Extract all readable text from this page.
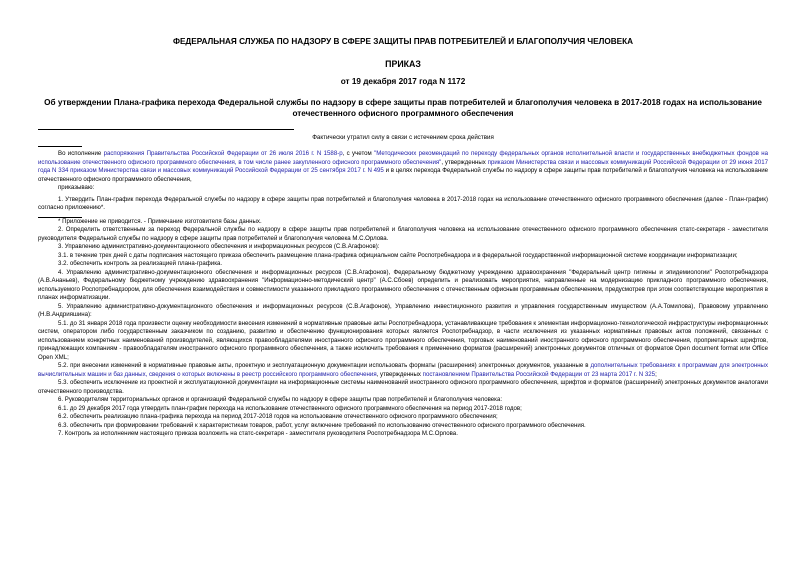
ФЕДЕРАЛЬНАЯ СЛУЖБА ПО НАДЗОРУ В СФЕРЕ ЗАЩИТЫ ПРАВ ПОТРЕБИТЕЛЕЙ И БЛАГОПОЛУЧИЯ ЧЕЛОВЕКА
ПРИКАЗ
от 19 декабря 2017 года N 1172
Об утверждении Плана-графика перехода Федеральной службы по надзору в сфере защиты прав потребителей и благополучия человека в 2017-2018 годах на использование отечественного офисного программного обеспечения
Фактически утратил силу в связи с истечением срока действия

Во исполнение распоряжения Правительства Российской Федерации от 26 июля 2016 г. N 1588-р, с учетом "Методических рекомендаций по переходу федеральных органов исполнительной власти и государственных внебюджетных фондов на использование отечественного офисного программного обеспечения, в том числе ранее закупленного офисного программного обеспечения", утвержденных приказом Министерства связи и массовых коммуникаций Российской Федерации от 29 июня 2017 года N 334 приказом Министерства связи и массовых коммуникаций Российской Федерации от 25 сентября 2017 г. N 495 и в целях перехода Федеральной службы по надзору в сфере защиты прав потребителей и благополучия человека на использование отечественного офисного программного обеспечения,

приказываю:

1. Утвердить План-график перехода Федеральной службы по надзору в сфере защиты прав потребителей и благополучия человека в 2017-2018 годах на использование отечественного офисного программного обеспечения (далее - План-график) согласно приложению*.

* Приложение не приводится. - Примечание изготовителя базы данных.

2. Определить ответственным за переход Федеральной службы по надзору в сфере защиты прав потребителей и благополучия человека на использование отечественного офисного программного обеспечения статс-секретаря - заместителя руководителя Федеральной службы по надзору в сфере защиты прав потребителей и благополучия человека М.С.Орлова.

3. Управлению административно-документационного обеспечения и информационных ресурсов (С.В.Агафонов):

3.1. в течение трех дней с даты подписания настоящего приказа обеспечить размещение плана-графика официальном сайте Роспотребнадзора и в федеральной государственной информационной системе координации информатизации;

3.2. обеспечить контроль за реализацией плана-графика.

4. Управлению административно-документационного обеспечения и информационных ресурсов (С.В.Агафонов), Федеральному бюджетному учреждению здравоохранения "Федеральный центр гигиены и эпидемиологии" Роспотребнадзора (А.В.Ананьев), Федеральному бюджетному учреждению здравоохранения "Информационно-методический центр" (А.С.Сбоев) определить и реализовать мероприятия, направленные на модернизацию прикладного программного обеспечения, используемого Роспотребнадзором, для обеспечения взаимодействия и совместимости указанного прикладного программного обеспечения с отечественным офисным программным обеспечением, предусмотрев при этом соответствующие мероприятия в планах информатизации.

5. Управлению административно-документационного обеспечения и информационных ресурсов (С.В.Агафонов), Управлению инвестиционного развития и управления государственным имуществом (А.А.Томилова), Правовому управлению (Н.В.Андрияшина):

5.1. до 31 января 2018 года произвести оценку необходимости внесения изменений в нормативные правовые акты Роспотребнадзора, устанавливающие требования к элементам информационно-технологической инфраструктуры информационных систем, оператором либо государственным заказчиком по созданию, развитию и обеспечению функционирования которых является Роспотребнадзор, в части исключения из указанных нормативных правовых актов положений, связанных с использованием конкретных наименований производителей, являющихся правообладателями иностранного офисного программного обеспечения, торговых наименований иностранного офисного программного обеспечения, проприетарных шрифтов, принадлежащих компаниям - правообладателям иностранного офисного программного обеспечения, а также исключить требования к применению форматов (расширений) электронных документов отличных от форматов Open document format или Office Open XML;

5.2. при внесении изменений в нормативные правовые акты, проектную и эксплуатационную документации использовать форматы (расширения) электронных документов, указанные в дополнительных требованиях к программам для электронных вычислительных машин и баз данных, сведения о которых включены в реестр российского программного обеспечения, утвержденных постановлением Правительства Российской Федерации от 23 марта 2017 г. N 325;

5.3. обеспечить исключение из проектной и эксплуатационной документации на информационные системы наименований иностранного офисного программного обеспечения, шрифтов и форматов (расширений) электронных документов аналогами отечественного производства.

6. Руководителям территориальных органов и организаций Федеральной службы по надзору в сфере защиты прав потребителей и благополучия человека:

6.1. до 29 декабря 2017 года утвердить план-график перехода на использование отечественного офисного программного обеспечения на период 2017-2018 годов;

6.2. обеспечить реализацию плана-графика перехода на период 2017-2018 годов на использование отечественного офисного программного обеспечения;

6.3. обеспечить при формировании требований к характеристикам товаров, работ, услуг включение требований по использованию отечественного офисного программного обеспечения.

7. Контроль за исполнением настоящего приказа возложить на статс-секретаря - заместителя руководителя Роспотребнадзора М.С.Орлова.
